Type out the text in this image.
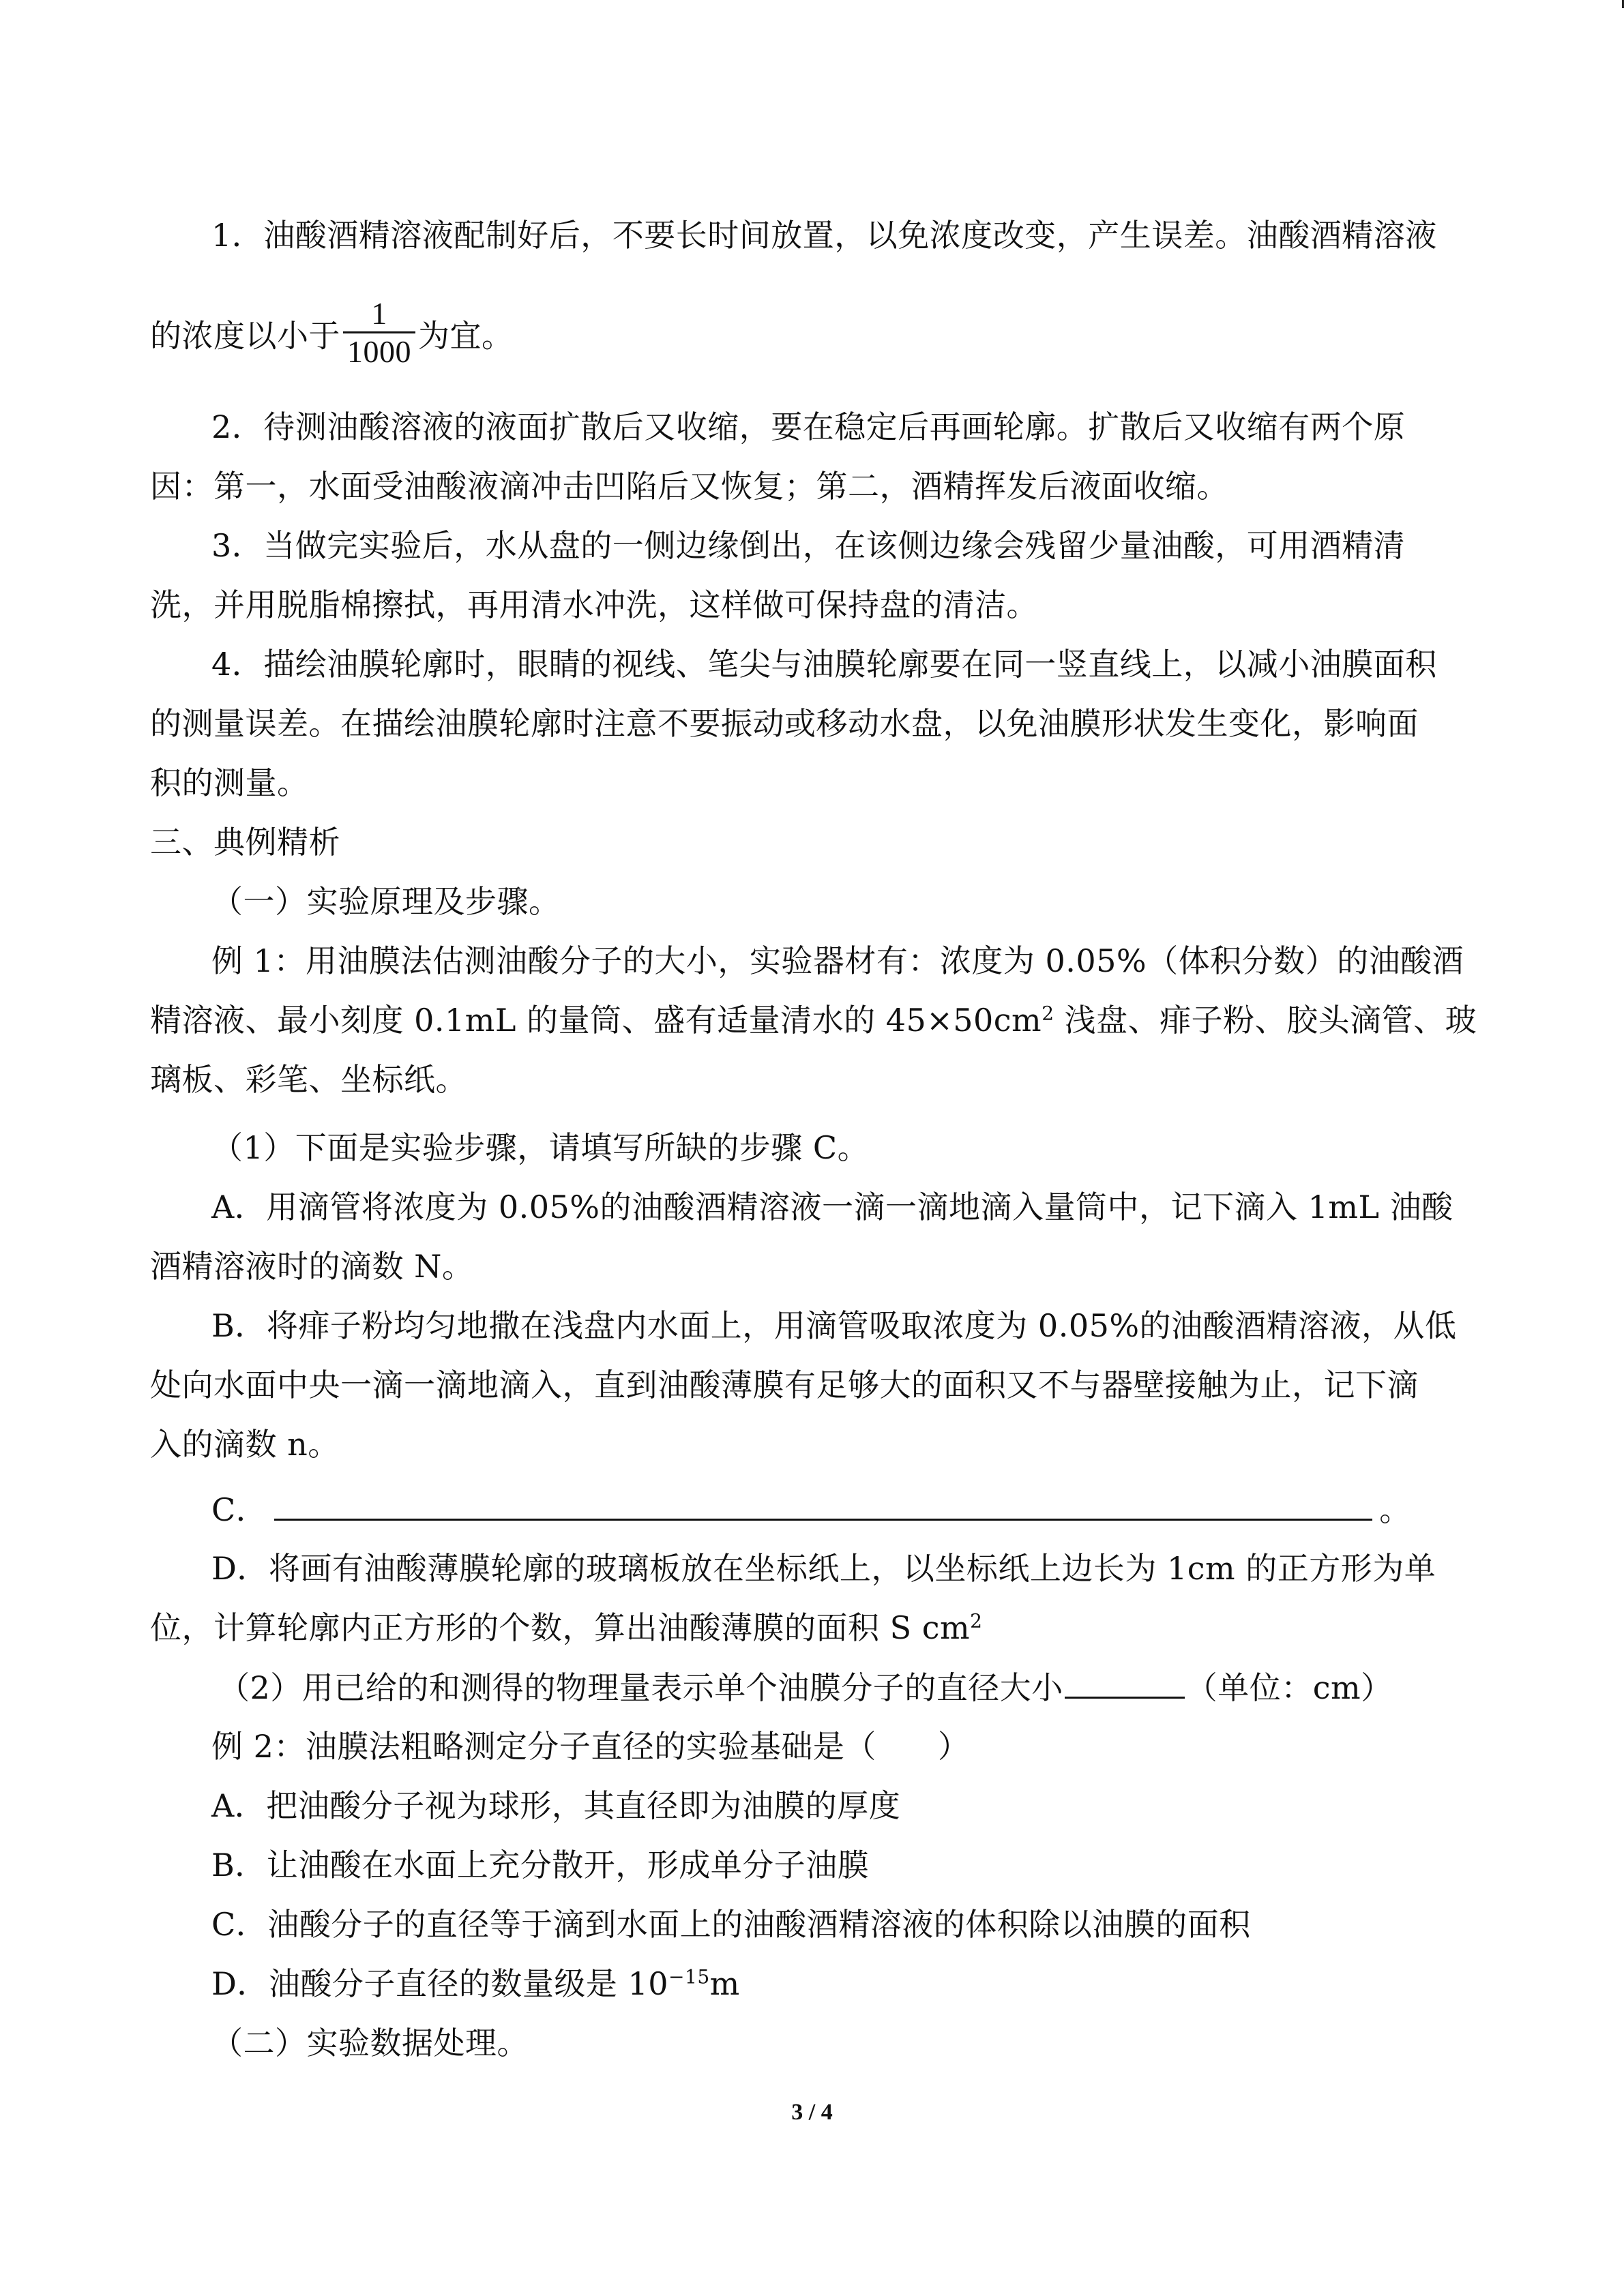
1．油酸酒精溶液配制好后，不要长时间放置，以免浓度改变，产生误差。油酸酒精溶液
的浓度以小于 $\frac{1}{1000}$ 为宜。
2．待测油酸溶液的液面扩散后又收缩，要在稳定后再画轮廓。扩散后又收缩有两个原
因：第一，水面受油酸液滴冲击凹陷后又恢复；第二，酒精挥发后液面收缩。
3．当做完实验后，水从盘的一侧边缘倒出，在该侧边缘会残留少量油酸，可用酒精清
洗，并用脱脂棉擦拭，再用清水冲洗，这样做可保持盘的清洁。
4．描绘油膜轮廓时，眼睛的视线、笔尖与油膜轮廓要在同一竖直线上，以减小油膜面积
的测量误差。在描绘油膜轮廓时注意不要振动或移动水盘，以免油膜形状发生变化，影响面
积的测量。
三、典例精析
（一）实验原理及步骤。
例 1：用油膜法估测油酸分子的大小，实验器材有：浓度为 0.05%（体积分数）的油酸酒
精溶液、最小刻度 0.1mL 的量筒、盛有适量清水的 $45\times 50cm^2$ 浅盘、痱子粉、胶头滴管、玻
璃板、彩笔、坐标纸。
（1）下面是实验步骤，请填写所缺的步骤 C。
A．用滴管将浓度为 0.05%的油酸酒精溶液一滴一滴地滴入量筒中，记下滴入 1mL 油酸
酒精溶液时的滴数 N。
B．将痱子粉均匀地撒在浅盘内水面上，用滴管吸取浓度为 0.05%的油酸酒精溶液，从低
处向水面中央一滴一滴地滴入，直到油酸薄膜有足够大的面积又不与器壁接触为止，记下滴
入的滴数 n。
C．	。
D．将画有油酸薄膜轮廓的玻璃板放在坐标纸上，以坐标纸上边长为 1cm 的正方形为单
位，计算轮廓内正方形的个数，算出油酸薄膜的面积 S $cm^2$
（2）用已给的和测得的物理量表示单个油膜分子的直径大小	（单位：cm）
例 2：油膜法粗略测定分子直径的实验基础是（ ）
A．把油酸分子视为球形，其直径即为油膜的厚度
B．让油酸在水面上充分散开，形成单分子油膜
C．油酸分子的直径等于滴到水面上的油酸酒精溶液的体积除以油膜的面积
D．油酸分子直径的数量级是 $10^{-15}m$
（二）实验数据处理。
3 / 4
